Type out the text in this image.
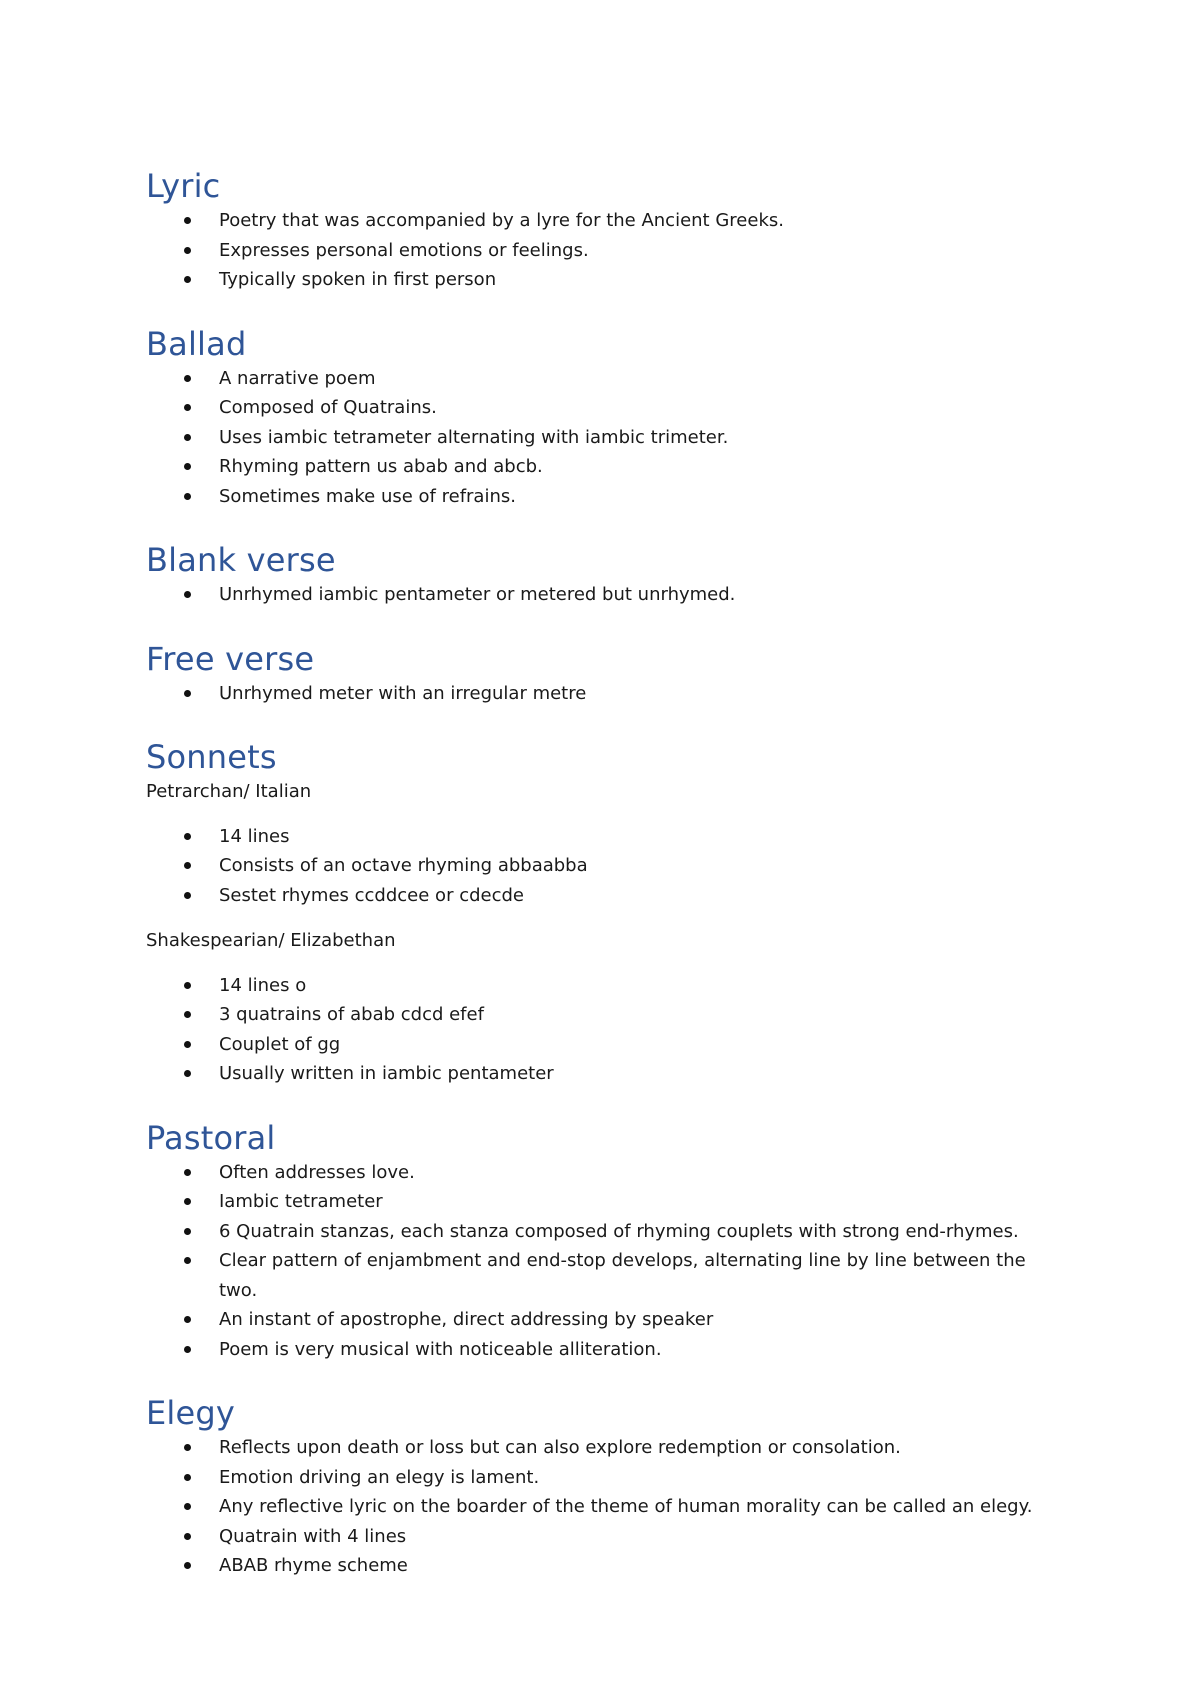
Lyric
Poetry that was accompanied by a lyre for the Ancient Greeks.
Expresses personal emotions or feelings.
Typically spoken in first person
Ballad
A narrative poem
Composed of Quatrains.
Uses iambic tetrameter alternating with iambic trimeter.
Rhyming pattern us abab and abcb.
Sometimes make use of refrains.
Blank verse
Unrhymed iambic pentameter or metered but unrhymed.
Free verse
Unrhymed meter with an irregular metre
Sonnets

Petrarchan/ Italian

14 lines
Consists of an octave rhyming abbaabba
Sestet rhymes ccddcee or cdecde

Shakespearian/ Elizabethan

14 lines o
3 quatrains of abab cdcd efef
Couplet of gg
Usually written in iambic pentameter
Pastoral
Often addresses love.
Iambic tetrameter
6 Quatrain stanzas, each stanza composed of rhyming couplets with strong end-rhymes.
Clear pattern of enjambment and end-stop develops, alternating line by line between the two.
An instant of apostrophe, direct addressing by speaker
Poem is very musical with noticeable alliteration.
Elegy
Reflects upon death or loss but can also explore redemption or consolation.
Emotion driving an elegy is lament.
Any reflective lyric on the boarder of the theme of human morality can be called an elegy.
Quatrain with 4 lines
ABAB rhyme scheme
